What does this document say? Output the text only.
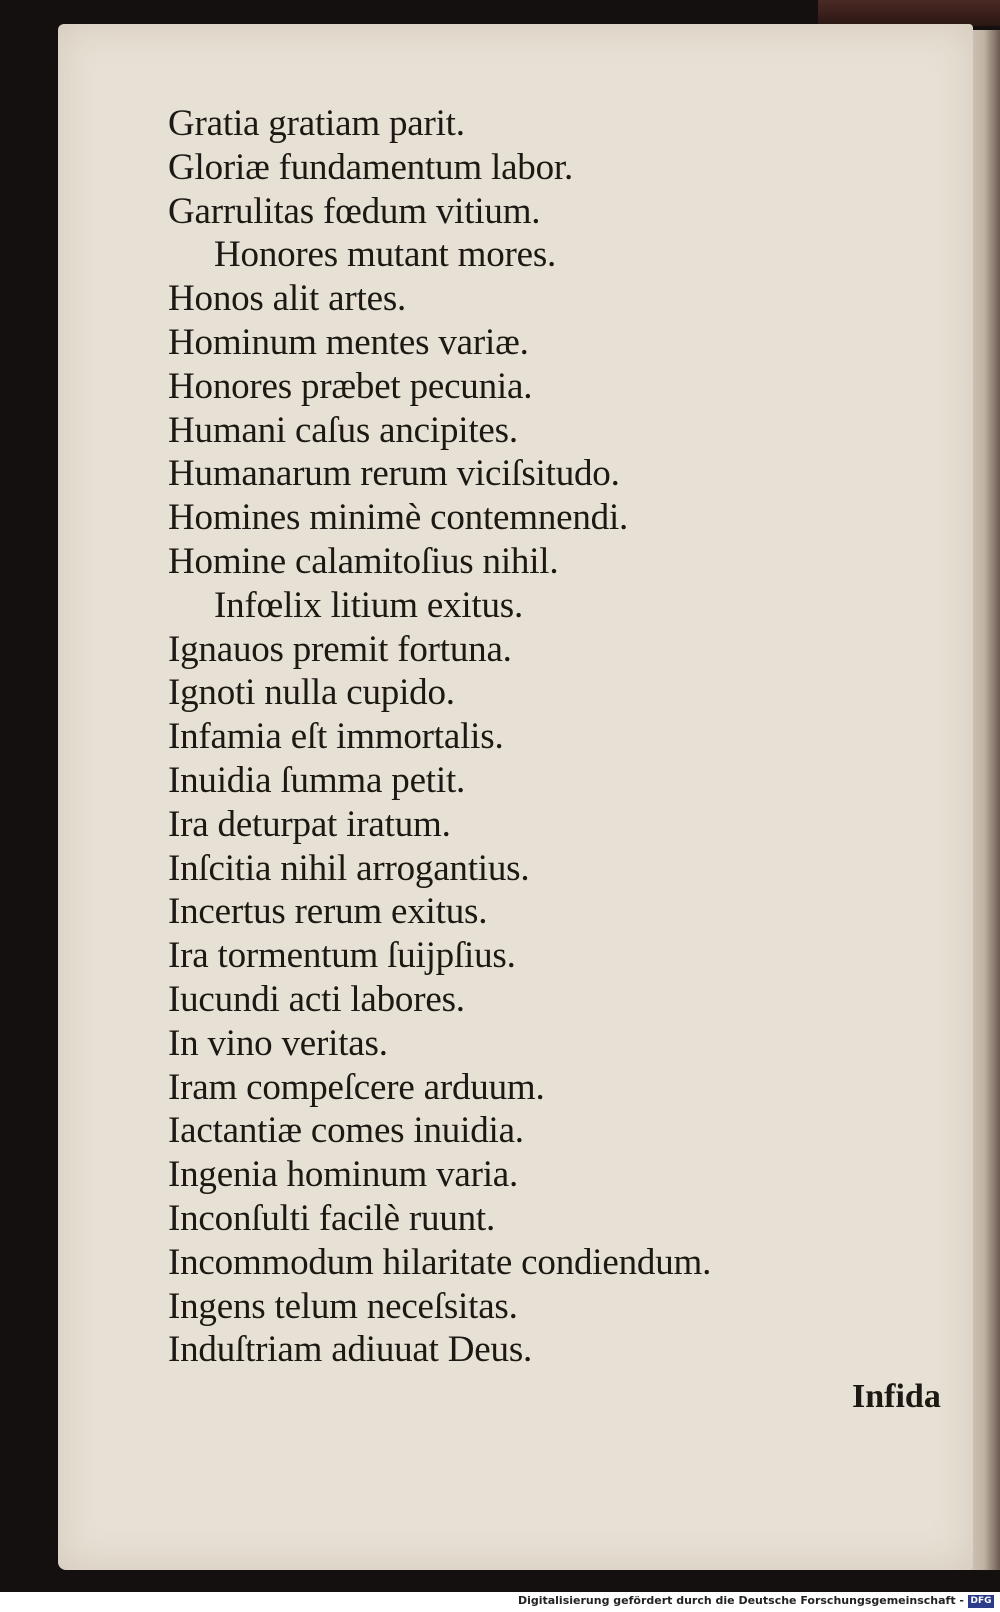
Gratia gratiam parit.
Gloriæ fundamentum labor.
Garrulitas fœdum vitium.
Honores mutant mores.
Honos alit artes.
Hominum mentes variæ.
Honores præbet pecunia.
Humani caſus ancipites.
Humanarum rerum viciſsitudo.
Homines minimè contemnendi.
Homine calamitoſius nihil.
Infœlix litium exitus.
Ignauos premit fortuna.
Ignoti nulla cupido.
Infamia eſt immortalis.
Inuidia ſumma petit.
Ira deturpat iratum.
Inſcitia nihil arrogantius.
Incertus rerum exitus.
Ira tormentum ſuijpſius.
Iucundi acti labores.
In vino veritas.
Iram compeſcere arduum.
Iactantiæ comes inuidia.
Ingenia hominum varia.
Inconſulti facilè ruunt.
Incommodum hilaritate condiendum.
Ingens telum neceſsitas.
Induſtriam adiuuat Deus.
Infida
Digitalisierung gefördert durch die Deutsche Forschungsgemeinschaft - DFG
